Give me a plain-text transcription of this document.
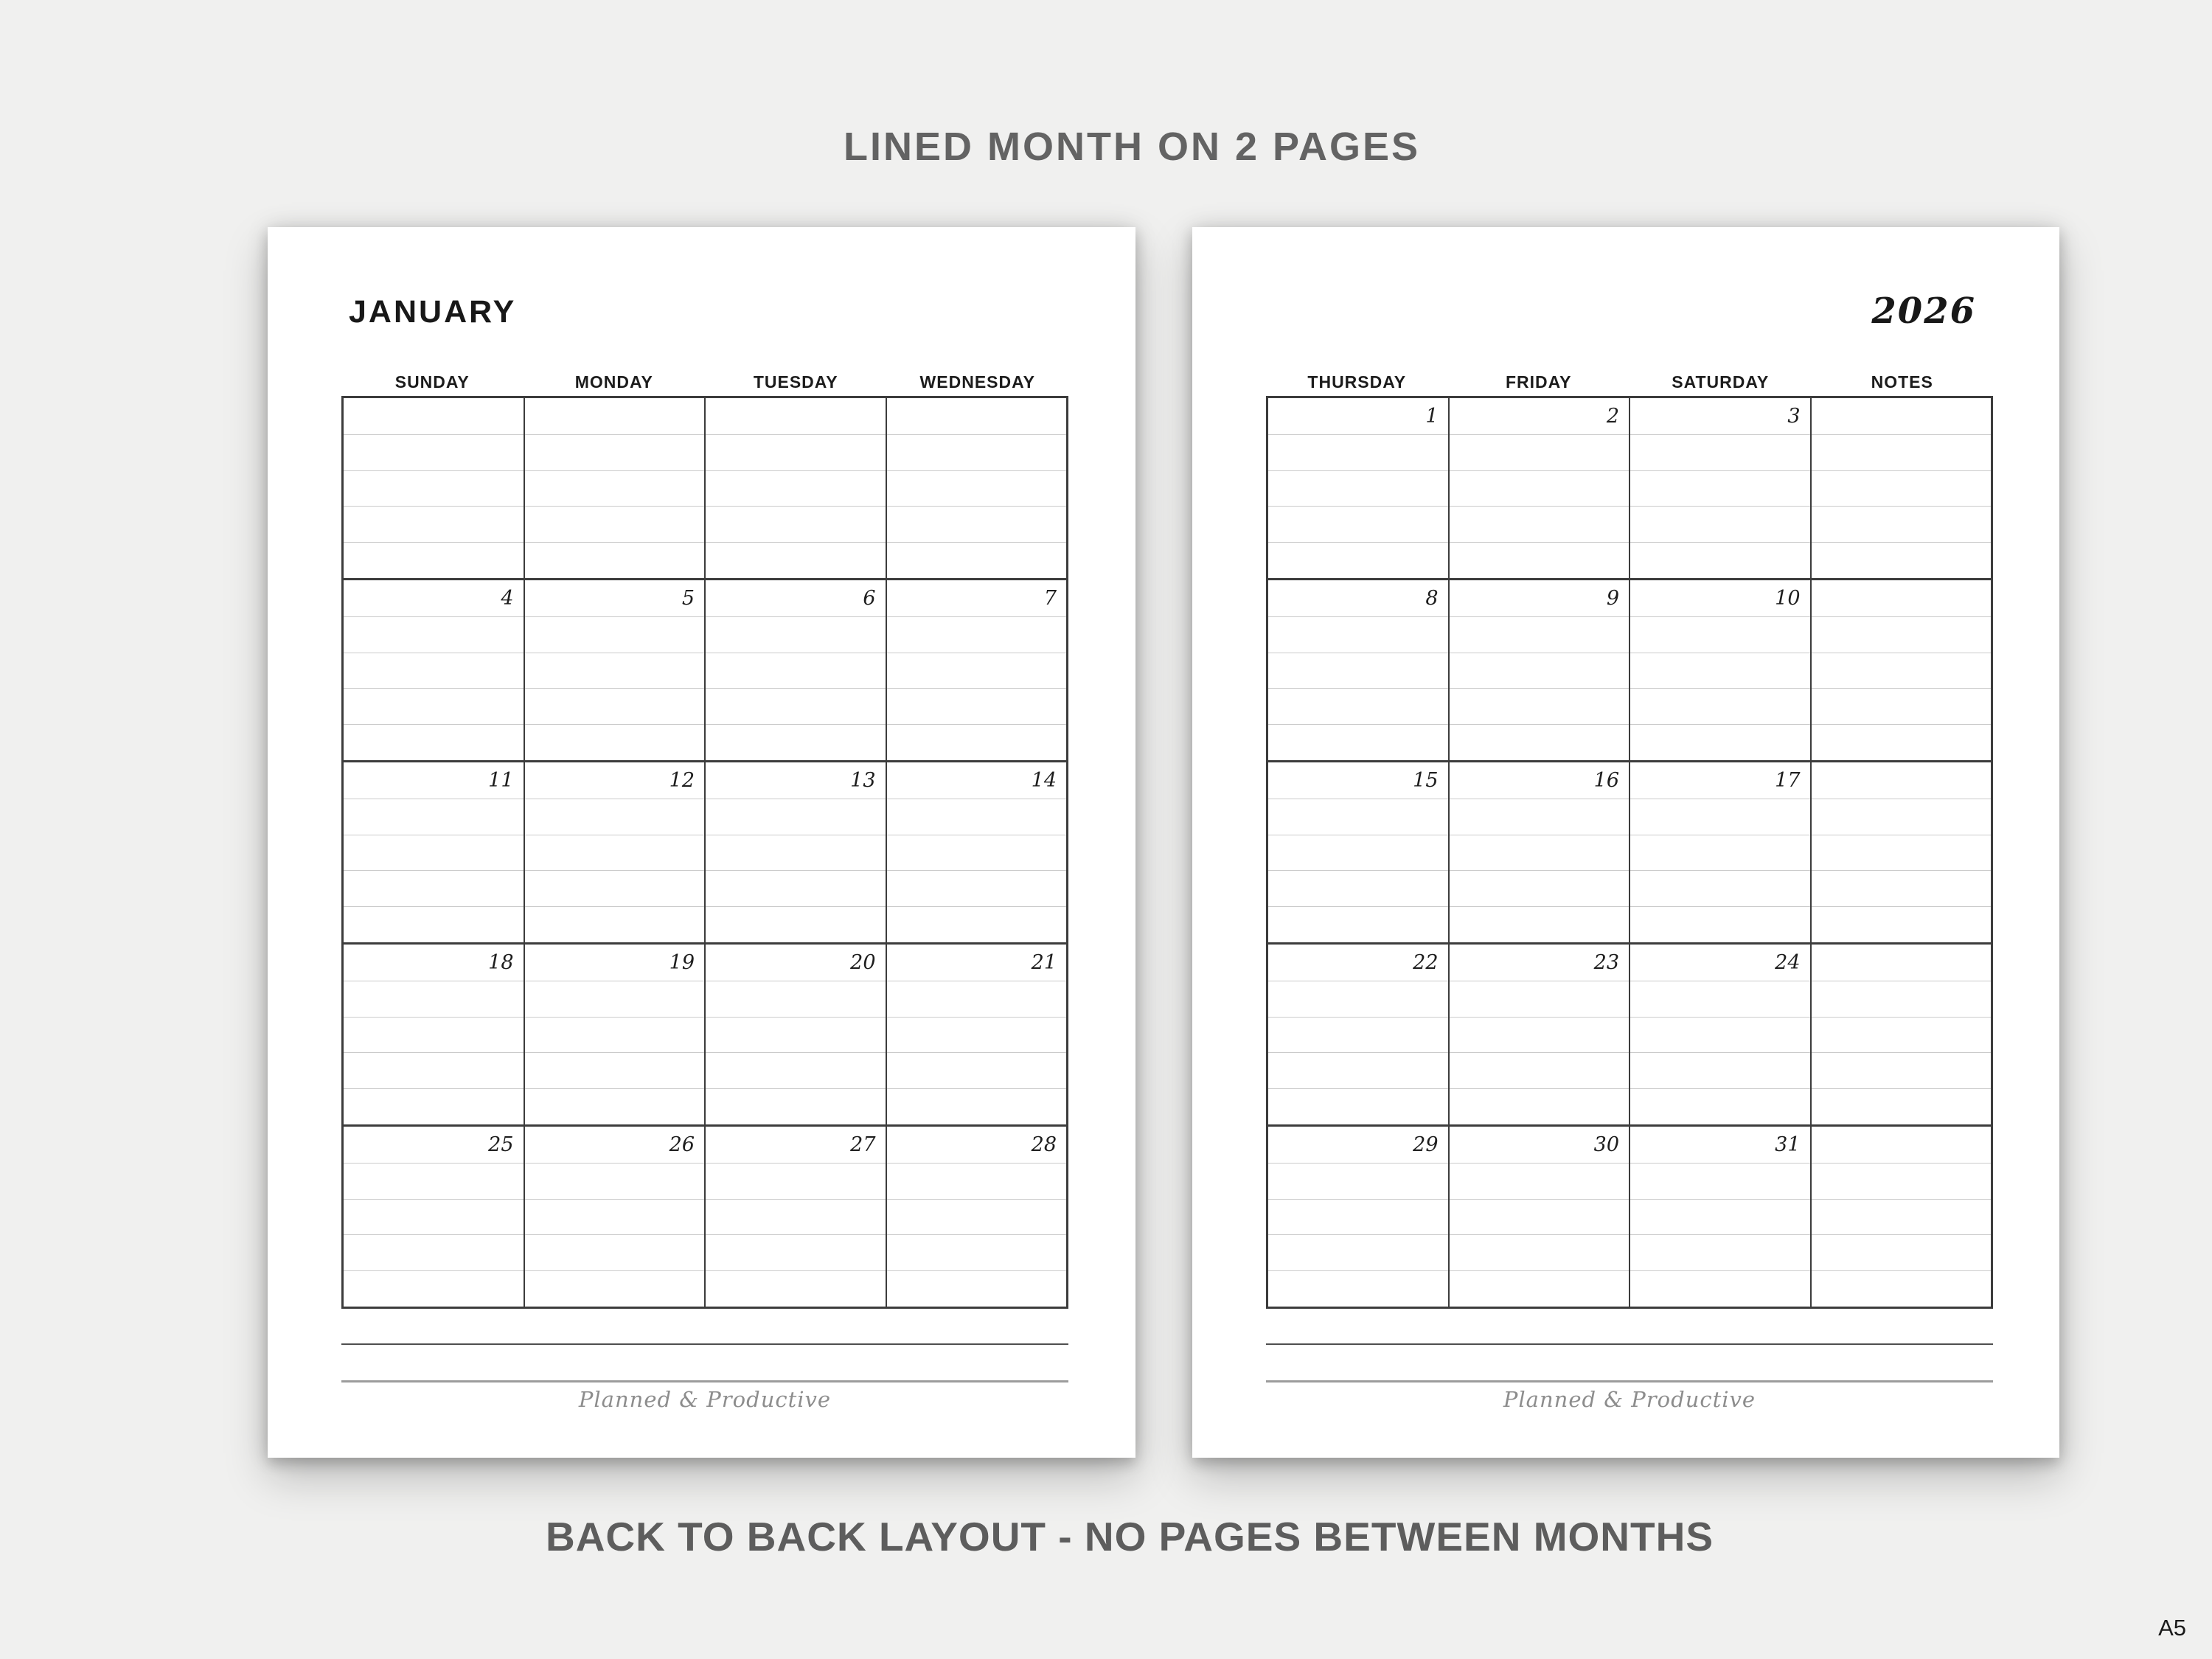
LINED MONTH ON 2 PAGES
JANUARY
SUNDAY	MONDAY	TUESDAY	WEDNESDAY
4	5	6	7
11	12	13	14
18	19	20	21
25	26	27	28
Planned & Productive
2026
THURSDAY	FRIDAY	SATURDAY	NOTES
1	2	3
8	9	10
15	16	17
22	23	24
29	30	31
Planned & Productive
BACK TO BACK LAYOUT - NO PAGES BETWEEN MONTHS
A5
